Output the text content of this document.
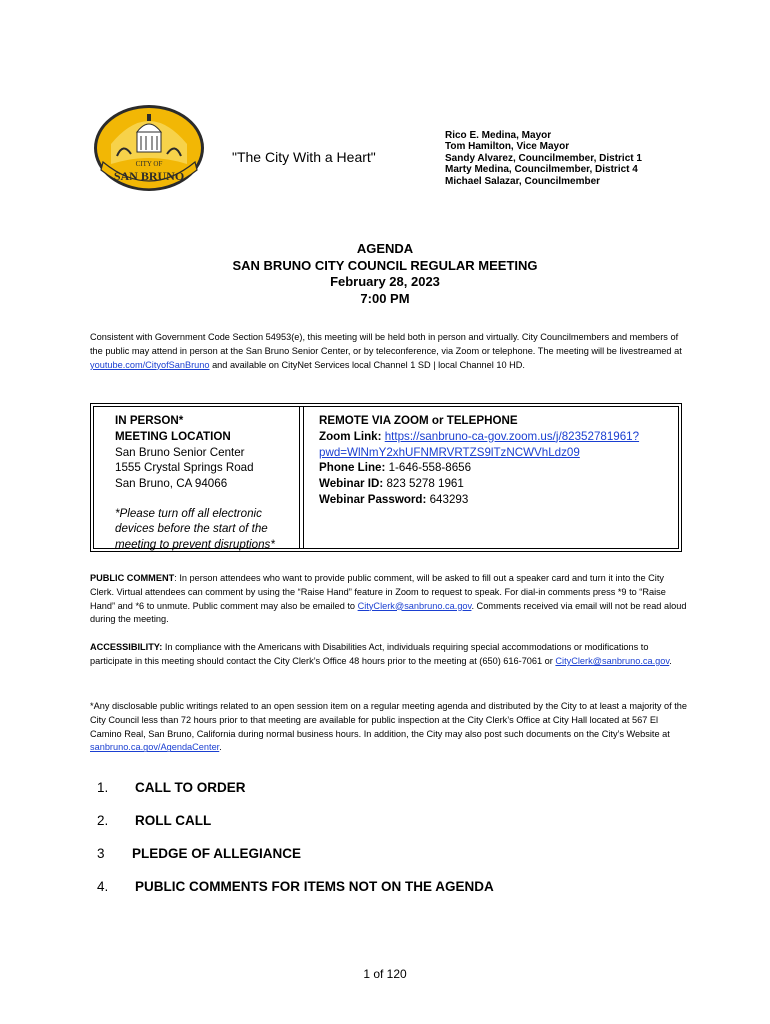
CITY OF
SAN BRUNO
"The City With a Heart"
Rico E. Medina, Mayor
Tom Hamilton, Vice Mayor
Sandy Alvarez, Councilmember, District 1
Marty Medina, Councilmember, District 4
Michael Salazar, Councilmember
AGENDA
SAN BRUNO CITY COUNCIL REGULAR MEETING
February 28, 2023
7:00 PM
Consistent with Government Code Section 54953(e), this meeting will be held both in person and virtually. City Councilmembers and members of the public may attend in person at the San Bruno Senior Center, or by teleconference, via Zoom or telephone. The meeting will be livestreamed at youtube.com/CityofSanBruno and available on CityNet Services local Channel 1 SD | local Channel 10 HD.
IN PERSON*
MEETING LOCATION
San Bruno Senior Center
1555 Crystal Springs Road
San Bruno, CA 94066
*Please turn off all electronic devices before the start of the meeting to prevent disruptions*
REMOTE VIA ZOOM or TELEPHONE
Zoom Link: https://sanbruno-ca-gov.zoom.us/j/82352781961?
pwd=WlNmY2xhUFNMRVRTZS9lTzNCWVhLdz09
Phone Line: 1-646-558-8656
Webinar ID: 823 5278 1961
Webinar Password: 643293
PUBLIC COMMENT: In person attendees who want to provide public comment, will be asked to fill out a speaker card and turn it into the City Clerk. Virtual attendees can comment by using the “Raise Hand” feature in Zoom to request to speak. For dial-in comments press *9 to “Raise Hand” and *6 to unmute. Public comment may also be emailed to CityClerk@sanbruno.ca.gov. Comments received via email will not be read aloud during the meeting.
ACCESSIBILITY: In compliance with the Americans with Disabilities Act, individuals requiring special accommodations or modifications to participate in this meeting should contact the City Clerk’s Office 48 hours prior to the meeting at (650) 616-7061 or CityClerk@sanbruno.ca.gov.
*Any disclosable public writings related to an open session item on a regular meeting agenda and distributed by the City to at least a majority of the City Council less than 72 hours prior to that meeting are available for public inspection at the City Clerk’s Office at City Hall located at 567 El Camino Real, San Bruno, California during normal business hours. In addition, the City may also post such documents on the City’s Website at sanbruno.ca.gov/AgendaCenter.
1. CALL TO ORDER
2. ROLL CALL
3 PLEDGE OF ALLEGIANCE
4. PUBLIC COMMENTS FOR ITEMS NOT ON THE AGENDA
1 of 120
